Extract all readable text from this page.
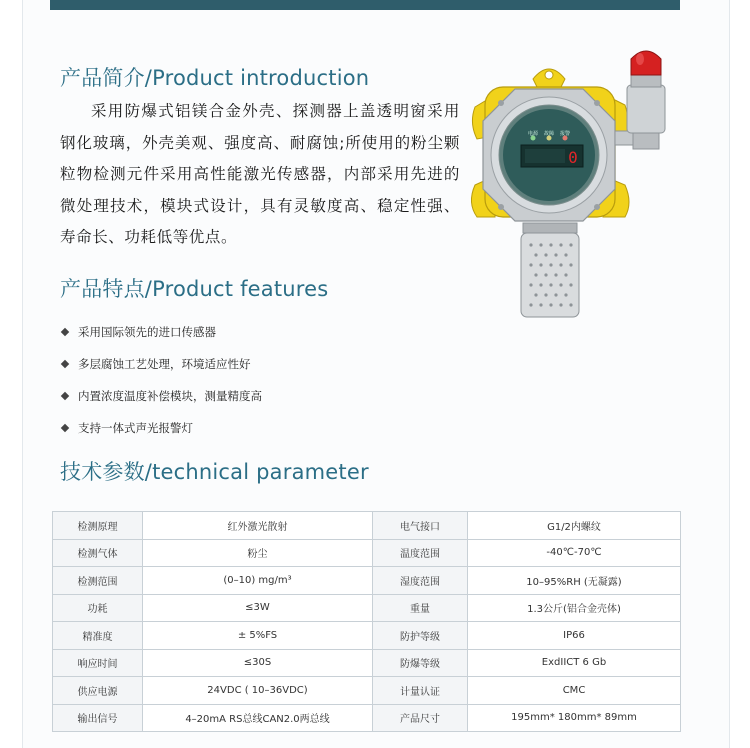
产品简介/Product introduction
采用防爆式铝镁合金外壳、探测器上盖透明窗采用钢化玻璃，外壳美观、强度高、耐腐蚀;所使用的粉尘颗粒物检测元件采用高性能激光传感器，内部采用先进的微处理技术，模块式设计，具有灵敏度高、稳定性强、寿命长、功耗低等优点。
电源 故障 报警
0
产品特点/Product features
采用国际领先的进口传感器
多层腐蚀工艺处理，环境适应性好
内置浓度温度补偿模块，测量精度高
支持一体式声光报警灯
技术参数/technical parameter
检测原理	红外激光散射	电气接口	G1/2内螺纹
检测气体	粉尘	温度范围	-40℃-70℃
检测范围	(0–10) mg/m³	湿度范围	10–95%RH (无凝露)
功耗	≤3W	重量	1.3公斤(铝合金壳体)
精准度	± 5%FS	防护等级	IP66
响应时间	≤30S	防爆等级	ExdIICT 6 Gb
供应电源	24VDC ( 10–36VDC)	计量认证	CMC
输出信号	4–20mA RS总线CAN2.0两总线	产品尺寸	195mm* 180mm* 89mm
